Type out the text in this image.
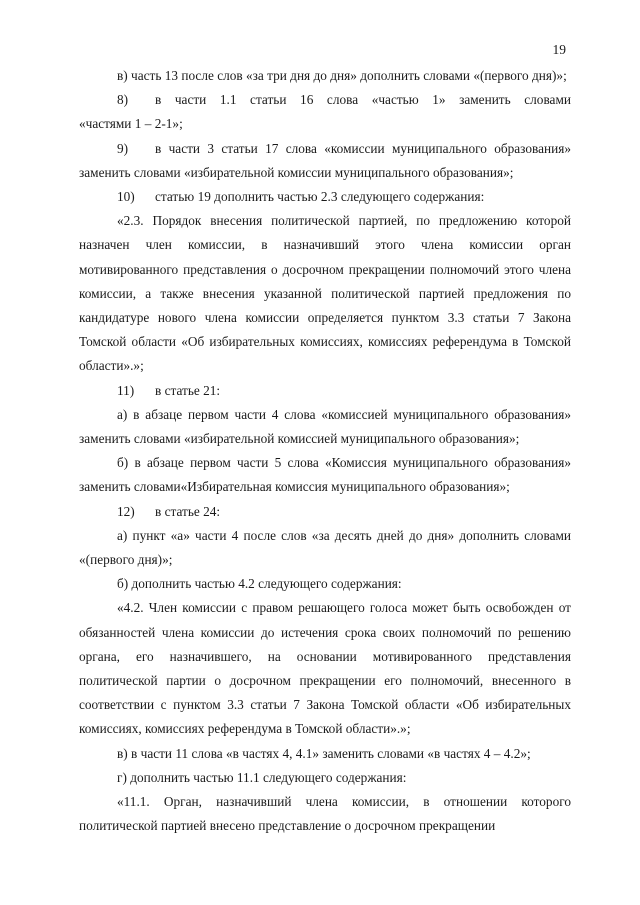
19

в) часть 13 после слов «за три дня до дня» дополнить словами «(первого дня)»;

8)	в части 1.1 статьи 16 слова «частью 1» заменить словами
«частями 1 – 2-1»;
9)	в части 3 статьи 17 слова «комиссии муниципального образования»
заменить словами «избирательной комиссии муниципального образования»;
10)	статью 19 дополнить частью 2.3 следующего содержания:

«2.3. Порядок внесения политической партией, по предложению которой назначен член комиссии, в назначивший этого члена комиссии орган мотивированного представления о досрочном прекращении полномочий этого члена комиссии, а также внесения указанной политической партией предложения по кандидатуре нового члена комиссии определяется пунктом 3.3 статьи 7 Закона Томской области «Об избирательных комиссиях, комиссиях референдума в Томской области».»;

11)	в статье 21:

а) в абзаце первом части 4 слова «комиссией муниципального образования» заменить словами «избирательной комиссией муниципального образования»;

б) в абзаце первом части 5 слова «Комиссия муниципального образования» заменить словами«Избирательная комиссия муниципального образования»;

12)	в статье 24:

а) пункт «а» части 4 после слов «за десять дней до дня» дополнить словами «(первого дня)»;

б) дополнить частью 4.2 следующего содержания:

«4.2. Член комиссии с правом решающего голоса может быть освобожден от обязанностей члена комиссии до истечения срока своих полномочий по решению органа, его назначившего, на основании мотивированного представления политической партии о досрочном прекращении его полномочий, внесенного в соответствии с пунктом 3.3 статьи 7 Закона Томской области «Об избирательных комиссиях, комиссиях референдума в Томской области».»;

в) в части 11 слова «в частях 4, 4.1» заменить словами «в частях 4 – 4.2»;

г) дополнить частью 11.1 следующего содержания:

«11.1. Орган, назначивший члена комиссии, в отношении которого политической партией внесено представление о досрочном прекращении
